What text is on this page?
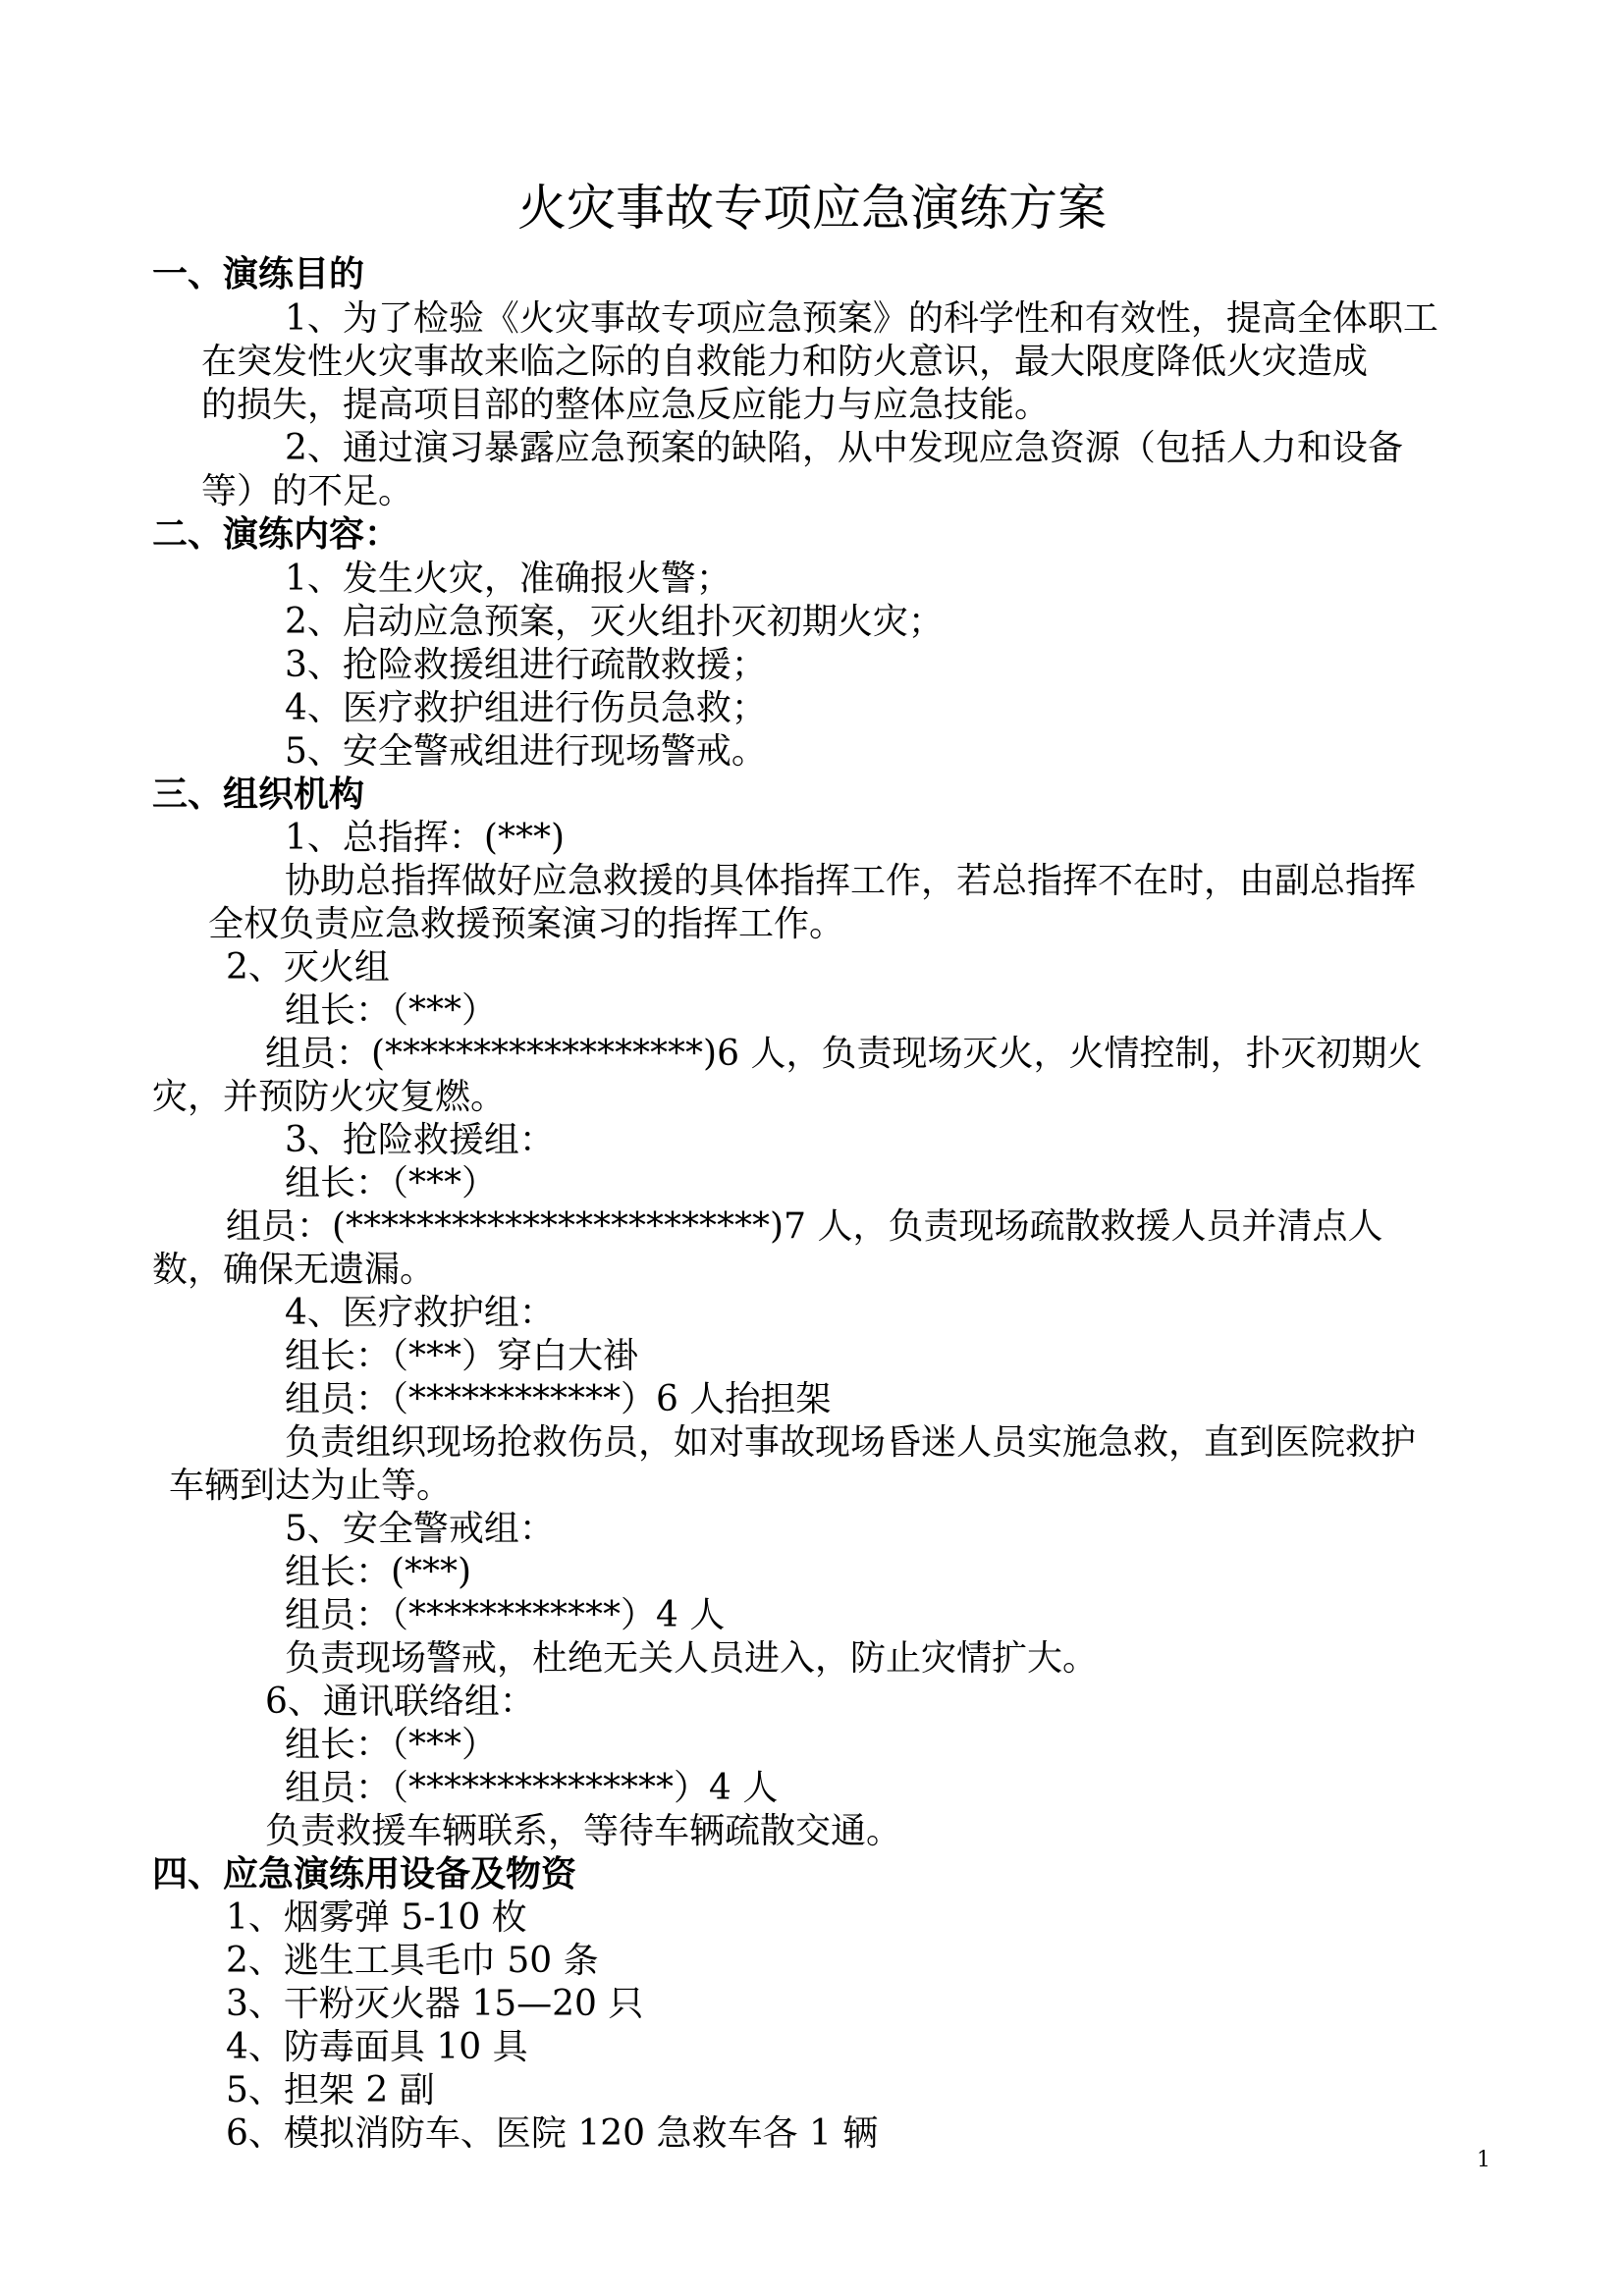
火灾事故专项应急演练方案
一、演练目的
1、为了检验《火灾事故专项应急预案》的科学性和有效性，提高全体职工
在突发性火灾事故来临之际的自救能力和防火意识，最大限度降低火灾造成
的损失，提高项目部的整体应急反应能力与应急技能。
2、通过演习暴露应急预案的缺陷，从中发现应急资源（包括人力和设备
等）的不足。
二、演练内容：
1、发生火灾，准确报火警；
2、启动应急预案，灭火组扑灭初期火灾；
3、抢险救援组进行疏散救援；
4、医疗救护组进行伤员急救；
5、安全警戒组进行现场警戒。
三、组织机构
1、总指挥：(***)
协助总指挥做好应急救援的具体指挥工作，若总指挥不在时，由副总指挥
全权负责应急救援预案演习的指挥工作。
2、灭火组
组长：（***）
组员：(******************)6 人，负责现场灭火，火情控制，扑灭初期火
灾，并预防火灾复燃。
3、抢险救援组：
组长：（***）
组员：(************************)7 人，负责现场疏散救援人员并清点人
数，确保无遗漏。
4、医疗救护组：
组长：（***）穿白大褂
组员：（************）6 人抬担架
负责组织现场抢救伤员，如对事故现场昏迷人员实施急救，直到医院救护
车辆到达为止等。
5、安全警戒组：
组长：(***)
组员：（************）4 人
负责现场警戒，杜绝无关人员进入，防止灾情扩大。
6、通讯联络组：
组长：（***）
组员：（***************）4 人
负责救援车辆联系，等待车辆疏散交通。
四、应急演练用设备及物资
1、烟雾弹 5-10 枚
2、逃生工具毛巾 50 条
3、干粉灭火器 15—20 只
4、防毒面具 10 具
5、担架 2 副
6、模拟消防车、医院 120 急救车各 1 辆
1
